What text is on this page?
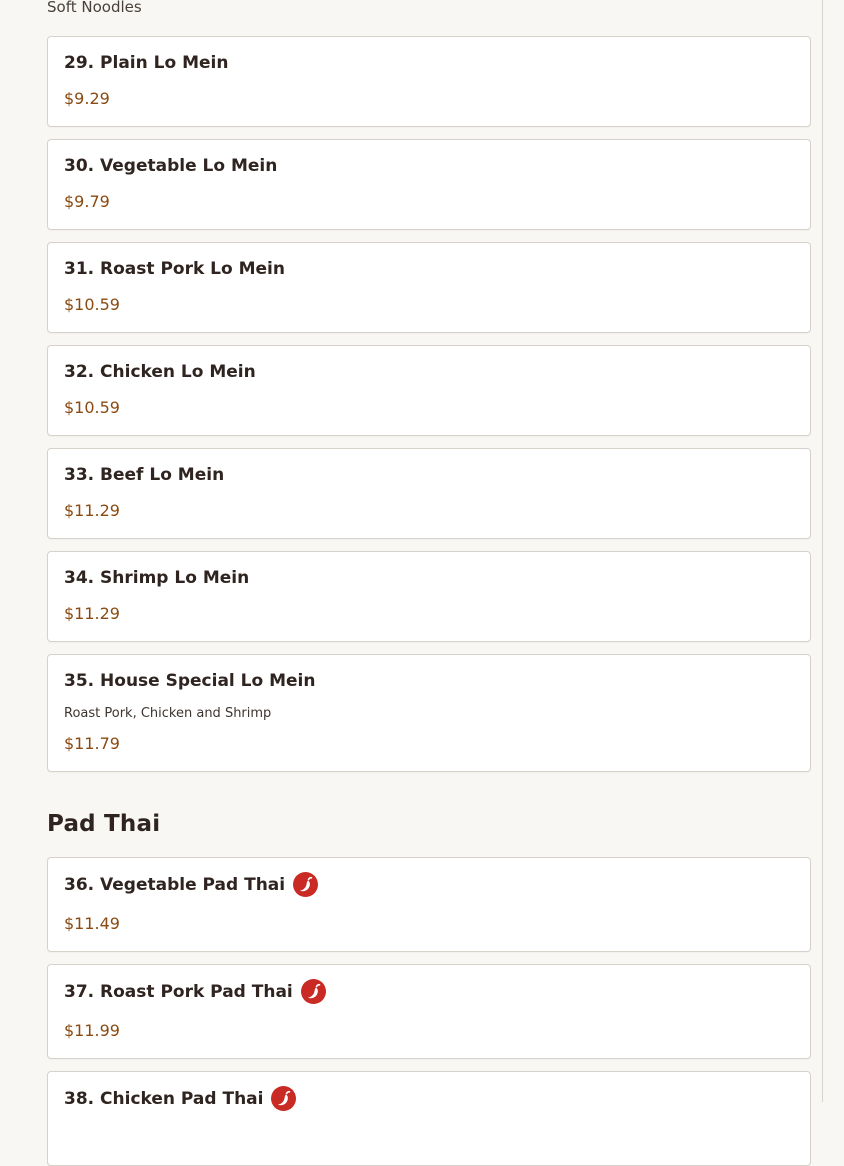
Soft Noodles
29. Plain Lo Mein
$9.29
30. Vegetable Lo Mein
$9.79
31. Roast Pork Lo Mein
$10.59
32. Chicken Lo Mein
$10.59
33. Beef Lo Mein
$11.29
34. Shrimp Lo Mein
$11.29
35. House Special Lo Mein
Roast Pork, Chicken and Shrimp
$11.79
Pad Thai
36. Vegetable Pad Thai
$11.49
37. Roast Pork Pad Thai
$11.99
38. Chicken Pad Thai
